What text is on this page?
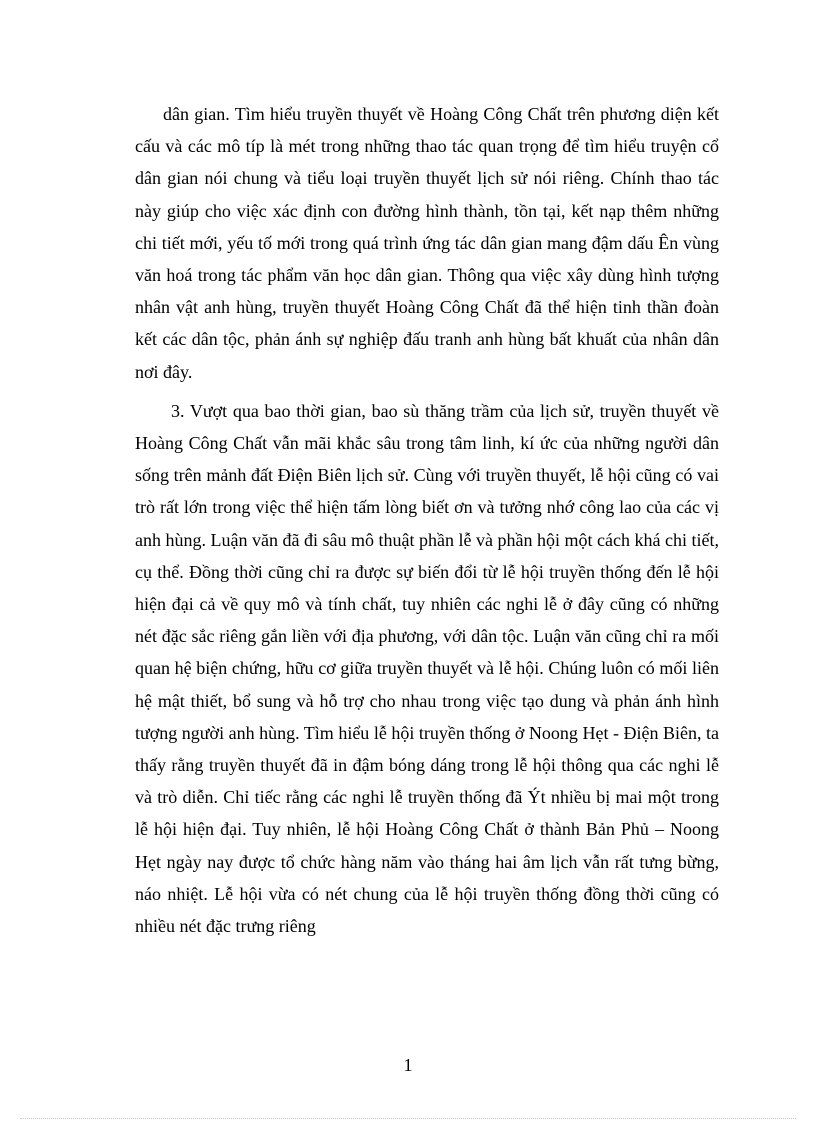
dân gian. Tìm hiểu truyền thuyết về Hoàng Công Chất trên phương diện kết cấu và các mô típ là mét trong những thao tác quan trọng để tìm hiểu truyện cổ dân gian nói chung và tiểu loại truyền thuyết lịch sử nói riêng. Chính thao tác này giúp cho việc xác định con đường hình thành, tồn tại, kết nạp thêm những chi tiết mới, yếu tố mới trong quá trình ứng tác dân gian mang đậm dấu Ên vùng văn hoá trong tác phẩm văn học dân gian. Thông qua việc xây dùng hình tượng nhân vật anh hùng, truyền thuyết Hoàng Công Chất đã thể hiện tinh thần đoàn kết các dân tộc, phản ánh sự nghiệp đấu tranh anh hùng bất khuất của nhân dân nơi đây.

3. Vượt qua bao thời gian, bao sù thăng trầm của lịch sử, truyền thuyết về Hoàng Công Chất vẫn mãi khắc sâu trong tâm linh, kí ức của những người dân sống trên mảnh đất Điện Biên lịch sử. Cùng với truyền thuyết, lễ hội cũng có vai trò rất lớn trong việc thể hiện tấm lòng biết ơn và tưởng nhớ công lao của các vị anh hùng. Luận văn đã đi sâu mô thuật phần lễ và phần hội một cách khá chi tiết, cụ thể. Đồng thời cũng chỉ ra được sự biến đổi từ lễ hội truyền thống đến lễ hội hiện đại cả về quy mô và tính chất, tuy nhiên các nghi lễ ở đây cũng có những nét đặc sắc riêng gắn liền với địa phương, với dân tộc. Luận văn cũng chỉ ra mối quan hệ biện chứng, hữu cơ giữa truyền thuyết và lễ hội. Chúng luôn có mối liên hệ mật thiết, bổ sung và hỗ trợ cho nhau trong việc tạo dung và phản ánh hình tượng người anh hùng. Tìm hiểu lễ hội truyền thống ở Noong Hẹt - Điện Biên, ta thấy rằng truyền thuyết đã in đậm bóng dáng trong lễ hội thông qua các nghi lễ và trò diễn. Chỉ tiếc rằng các nghi lễ truyền thống đã Ýt nhiều bị mai một trong lễ hội hiện đại. Tuy nhiên, lễ hội Hoàng Công Chất ở thành Bản Phủ – Noong Hẹt ngày nay được tổ chức hàng năm vào tháng hai âm lịch vẫn rất tưng bừng, náo nhiệt. Lễ hội vừa có nét chung của lễ hội truyền thống đồng thời cũng có nhiều nét đặc trưng riêng

1
